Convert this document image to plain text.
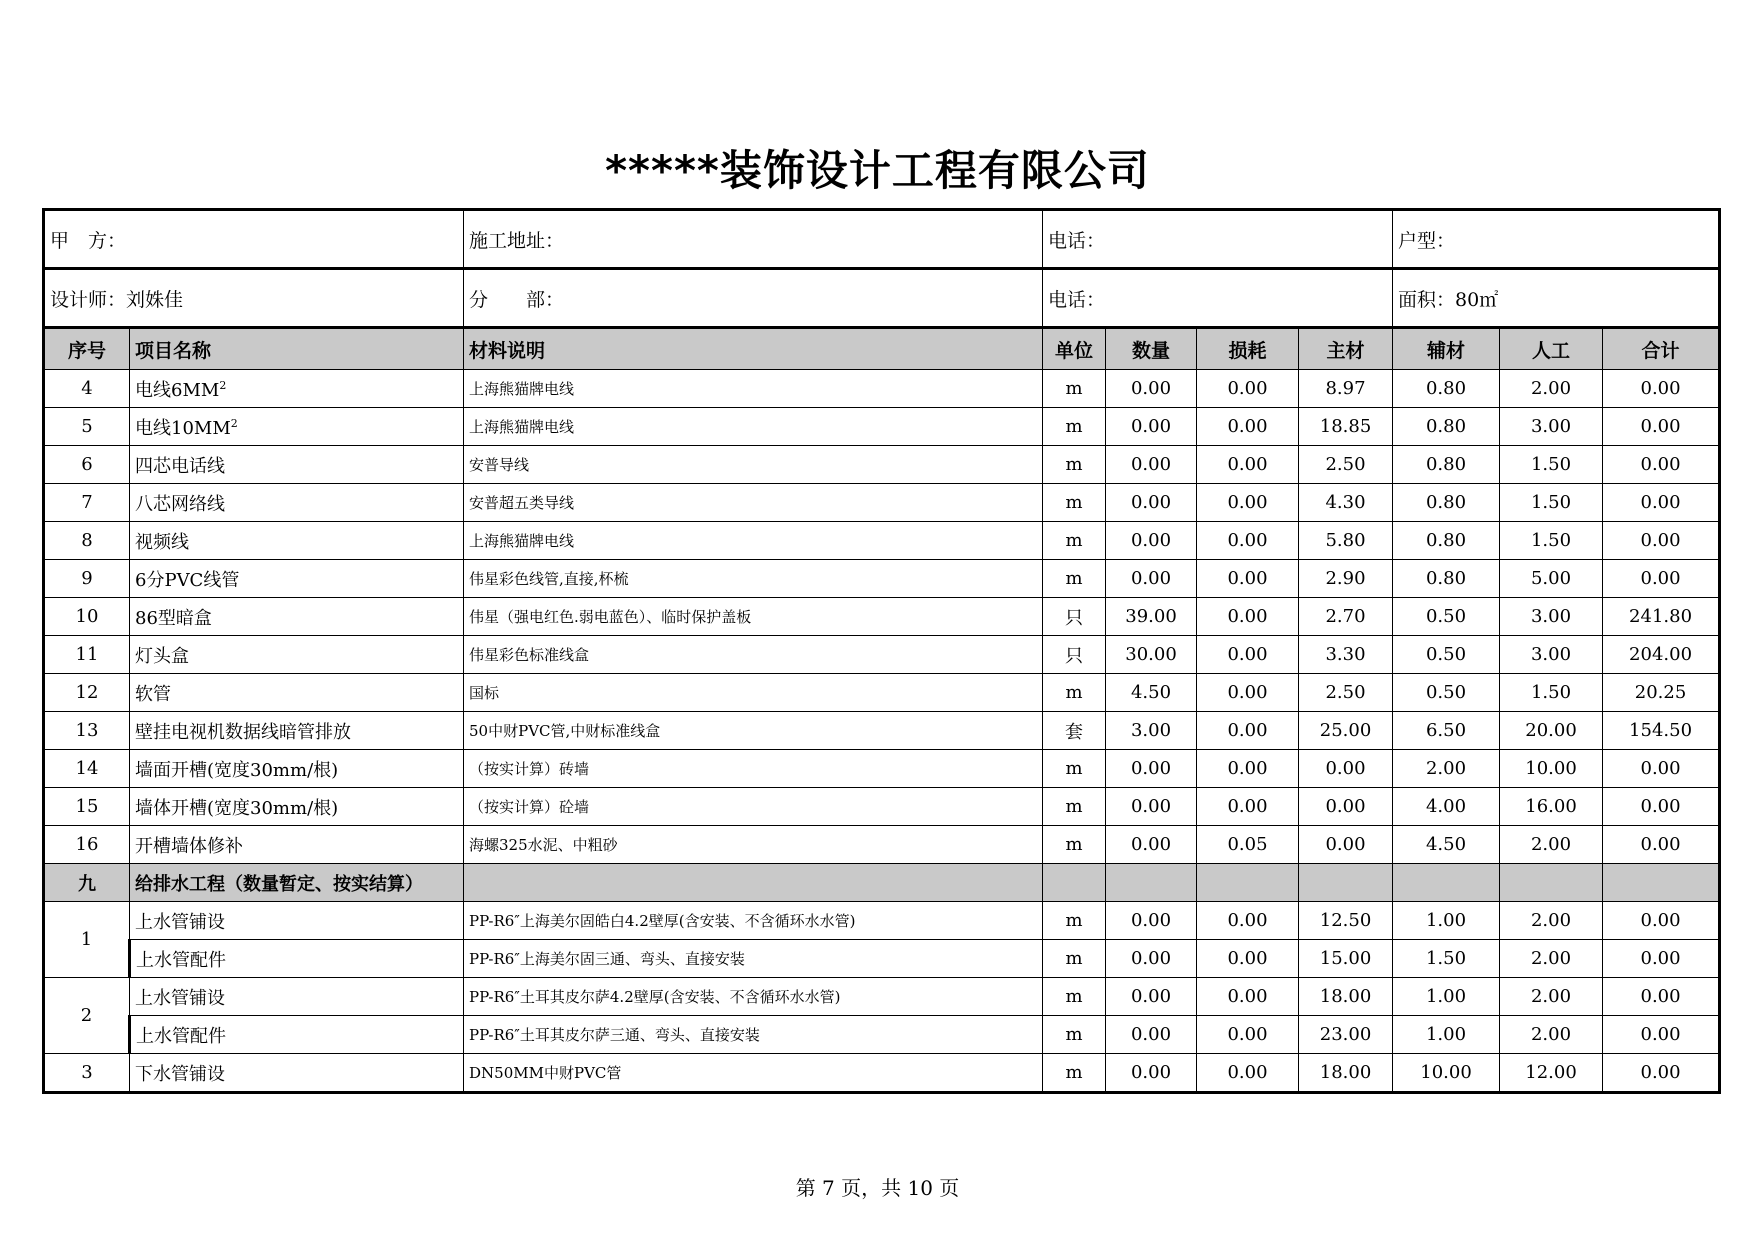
*****装饰设计工程有限公司
甲　方：		施工地址：	电话：				户型：		
设计师：刘姝佳		分　　部：	电话：				面积：80㎡		
序号	项目名称	材料说明	单位	数量	损耗	主材	辅材	人工	合计
4	电线$6MM^2$	上海熊猫牌电线	m	0.00	0.00	8.97	0.80	2.00	0.00
5	电线$10MM^2$	上海熊猫牌电线	m	0.00	0.00	18.85	0.80	3.00	0.00
6	四芯电话线	安普导线	m	0.00	0.00	2.50	0.80	1.50	0.00
7	八芯网络线	安普超五类导线	m	0.00	0.00	4.30	0.80	1.50	0.00
8	视频线	上海熊猫牌电线	m	0.00	0.00	5.80	0.80	1.50	0.00
9	6分PVC线管	伟星彩色线管,直接,杯梳	m	0.00	0.00	2.90	0.80	5.00	0.00
10	86型暗盒	伟星（强电红色.弱电蓝色）、临时保护盖板	只	39.00	0.00	2.70	0.50	3.00	241.80
11	灯头盒	伟星彩色标准线盒	只	30.00	0.00	3.30	0.50	3.00	204.00
12	软管	国标	m	4.50	0.00	2.50	0.50	1.50	20.25
13	壁挂电视机数据线暗管排放	50中财PVC管,中财标准线盒	套	3.00	0.00	25.00	6.50	20.00	154.50
14	墙面开槽(宽度30mm/根)	（按实计算）砖墙	m	0.00	0.00	0.00	2.00	10.00	0.00
15	墙体开槽(宽度30mm/根)	（按实计算）砼墙	m	0.00	0.00	0.00	4.00	16.00	0.00
16	开槽墙体修补	海螺325水泥、中粗砂	m	0.00	0.05	0.00	4.50	2.00	0.00
九	给排水工程（数量暂定、按实结算）								
1	上水管铺设	PP-R6″上海美尔固皓白4.2壁厚(含安装、不含循环水水管)	m	0.00	0.00	12.50	1.00	2.00	0.00
	上水管配件	PP-R6″上海美尔固三通、弯头、直接安装	m	0.00	0.00	15.00	1.50	2.00	0.00
2	上水管铺设	PP-R6″土耳其皮尔萨4.2壁厚(含安装、不含循环水水管)	m	0.00	0.00	18.00	1.00	2.00	0.00
	上水管配件	PP-R6″土耳其皮尔萨三通、弯头、直接安装	m	0.00	0.00	23.00	1.00	2.00	0.00
3	下水管铺设	DN50MM中财PVC管	m	0.00	0.00	18.00	10.00	12.00	0.00
第 7 页，共 10 页
